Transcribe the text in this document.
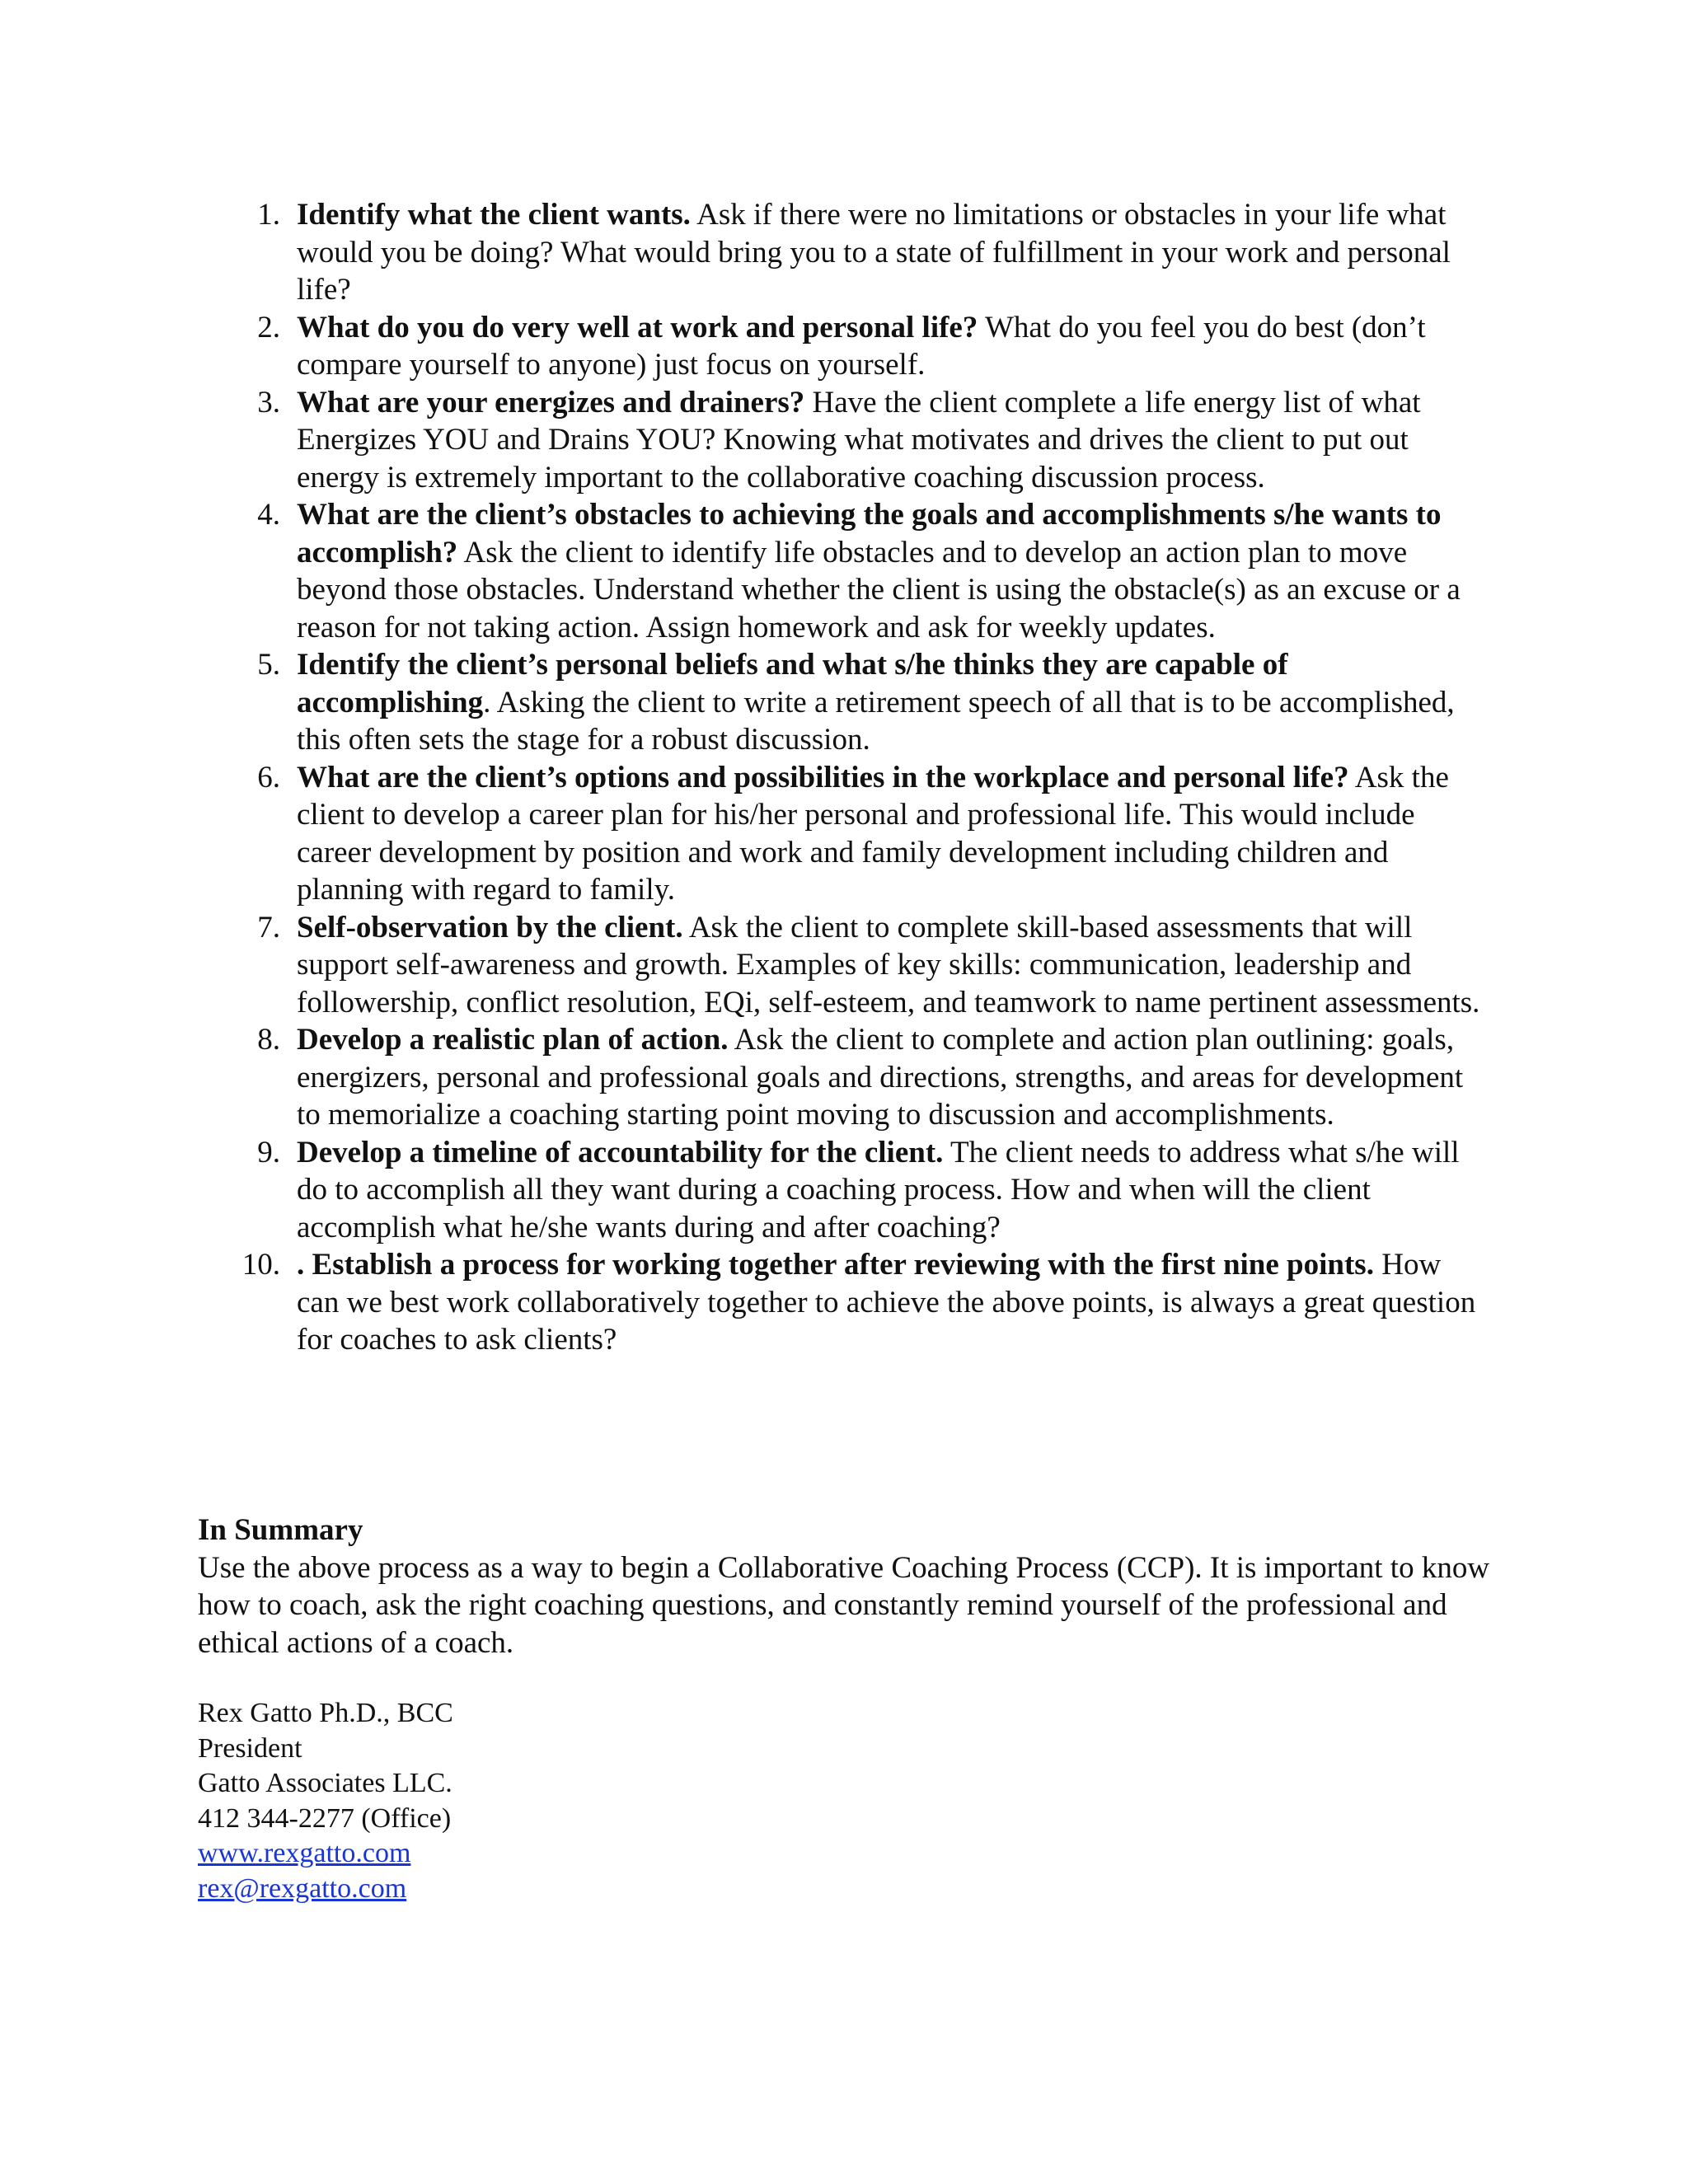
1. Identify what the client wants. Ask if there were no limitations or obstacles in your life what would you be doing? What would bring you to a state of fulfillment in your work and personal life?
2. What do you do very well at work and personal life? What do you feel you do best (don’t compare yourself to anyone) just focus on yourself.
3. What are your energizes and drainers? Have the client complete a life energy list of what Energizes YOU and Drains YOU? Knowing what motivates and drives the client to put out energy is extremely important to the collaborative coaching discussion process.
4. What are the client’s obstacles to achieving the goals and accomplishments s/he wants to accomplish? Ask the client to identify life obstacles and to develop an action plan to move beyond those obstacles. Understand whether the client is using the obstacle(s) as an excuse or a reason for not taking action. Assign homework and ask for weekly updates.
5. Identify the client’s personal beliefs and what s/he thinks they are capable of accomplishing. Asking the client to write a retirement speech of all that is to be accomplished, this often sets the stage for a robust discussion.
6. What are the client’s options and possibilities in the workplace and personal life? Ask the client to develop a career plan for his/her personal and professional life. This would include career development by position and work and family development including children and planning with regard to family.
7. Self-observation by the client. Ask the client to complete skill-based assessments that will support self-awareness and growth. Examples of key skills: communication, leadership and followership, conflict resolution, EQi, self-esteem, and teamwork to name pertinent assessments.
8. Develop a realistic plan of action. Ask the client to complete and action plan outlining: goals, energizers, personal and professional goals and directions, strengths, and areas for development to memorialize a coaching starting point moving to discussion and accomplishments.
9. Develop a timeline of accountability for the client. The client needs to address what s/he will do to accomplish all they want during a coaching process. How and when will the client accomplish what he/she wants during and after coaching?
10. . Establish a process for working together after reviewing with the first nine points. How can we best work collaboratively together to achieve the above points, is always a great question for coaches to ask clients?
In Summary
Use the above process as a way to begin a Collaborative Coaching Process (CCP). It is important to know how to coach, ask the right coaching questions, and constantly remind yourself of the professional and ethical actions of a coach.
Rex Gatto Ph.D., BCC
President
Gatto Associates LLC.
412 344-2277 (Office)
www.rexgatto.com
rex@rexgatto.com
